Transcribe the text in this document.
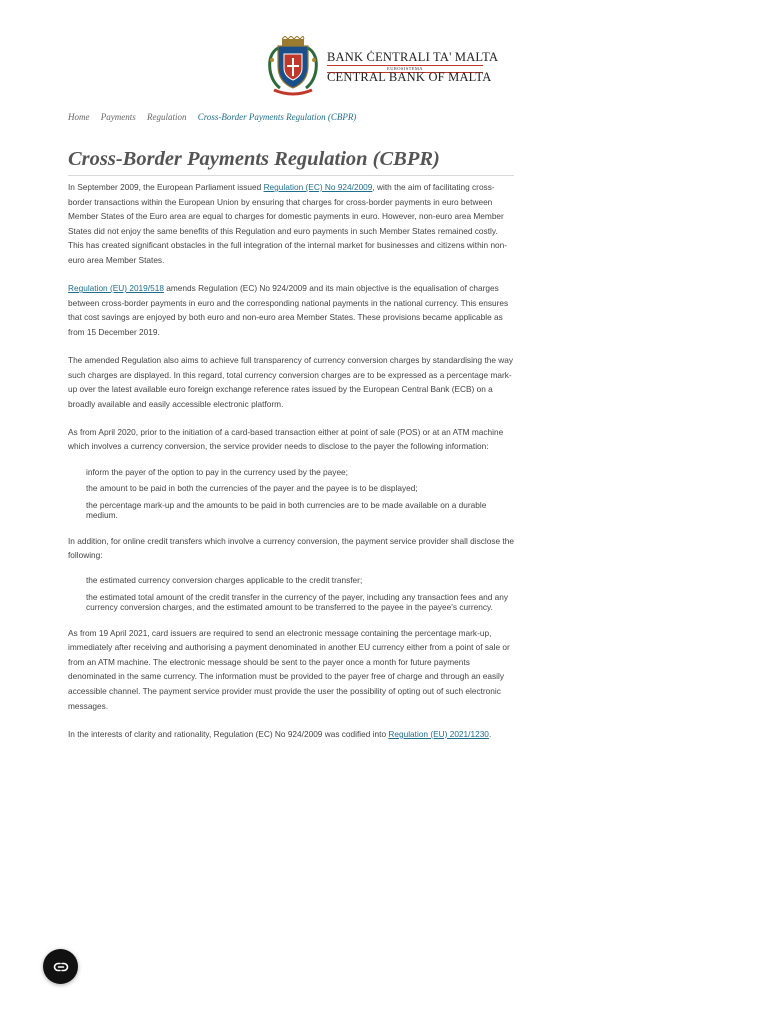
BANK ĊENTRALI TA' MALTA
EUROSISTEMA
CENTRAL BANK OF MALTA
Home Payments Regulation Cross-Border Payments Regulation (CBPR)
Cross-Border Payments Regulation (CBPR)

In September 2009, the European Parliament issued Regulation (EC) No 924/2009, with the aim of facilitating cross-border transactions within the European Union by ensuring that charges for cross-border payments in euro between Member States of the Euro area are equal to charges for domestic payments in euro. However, non-euro area Member States did not enjoy the same benefits of this Regulation and euro payments in such Member States remained costly. This has created significant obstacles in the full integration of the internal market for businesses and citizens within non-euro area Member States.

Regulation (EU) 2019/518 amends Regulation (EC) No 924/2009 and its main objective is the equalisation of charges between cross-border payments in euro and the corresponding national payments in the national currency. This ensures that cost savings are enjoyed by both euro and non-euro area Member States. These provisions became applicable as from 15 December 2019.

The amended Regulation also aims to achieve full transparency of currency conversion charges by standardising the way such charges are displayed. In this regard, total currency conversion charges are to be expressed as a percentage mark-up over the latest available euro foreign exchange reference rates issued by the European Central Bank (ECB) on a broadly available and easily accessible electronic platform.

As from April 2020, prior to the initiation of a card-based transaction either at point of sale (POS) or at an ATM machine which involves a currency conversion, the service provider needs to disclose to the payer the following information:

inform the payer of the option to pay in the currency used by the payee;
the amount to be paid in both the currencies of the payer and the payee is to be displayed;
the percentage mark-up and the amounts to be paid in both currencies are to be made available on a durable medium.

In addition, for online credit transfers which involve a currency conversion, the payment service provider shall disclose the following:

the estimated currency conversion charges applicable to the credit transfer;
the estimated total amount of the credit transfer in the currency of the payer, including any transaction fees and any currency conversion charges, and the estimated amount to be transferred to the payee in the payee's currency.

As from 19 April 2021, card issuers are required to send an electronic message containing the percentage mark-up, immediately after receiving and authorising a payment denominated in another EU currency either from a point of sale or from an ATM machine. The electronic message should be sent to the payer once a month for future payments denominated in the same currency. The information must be provided to the payer free of charge and through an easily accessible channel. The payment service provider must provide the user the possibility of opting out of such electronic messages.

In the interests of clarity and rationality, Regulation (EC) No 924/2009 was codified into Regulation (EU) 2021/1230.
